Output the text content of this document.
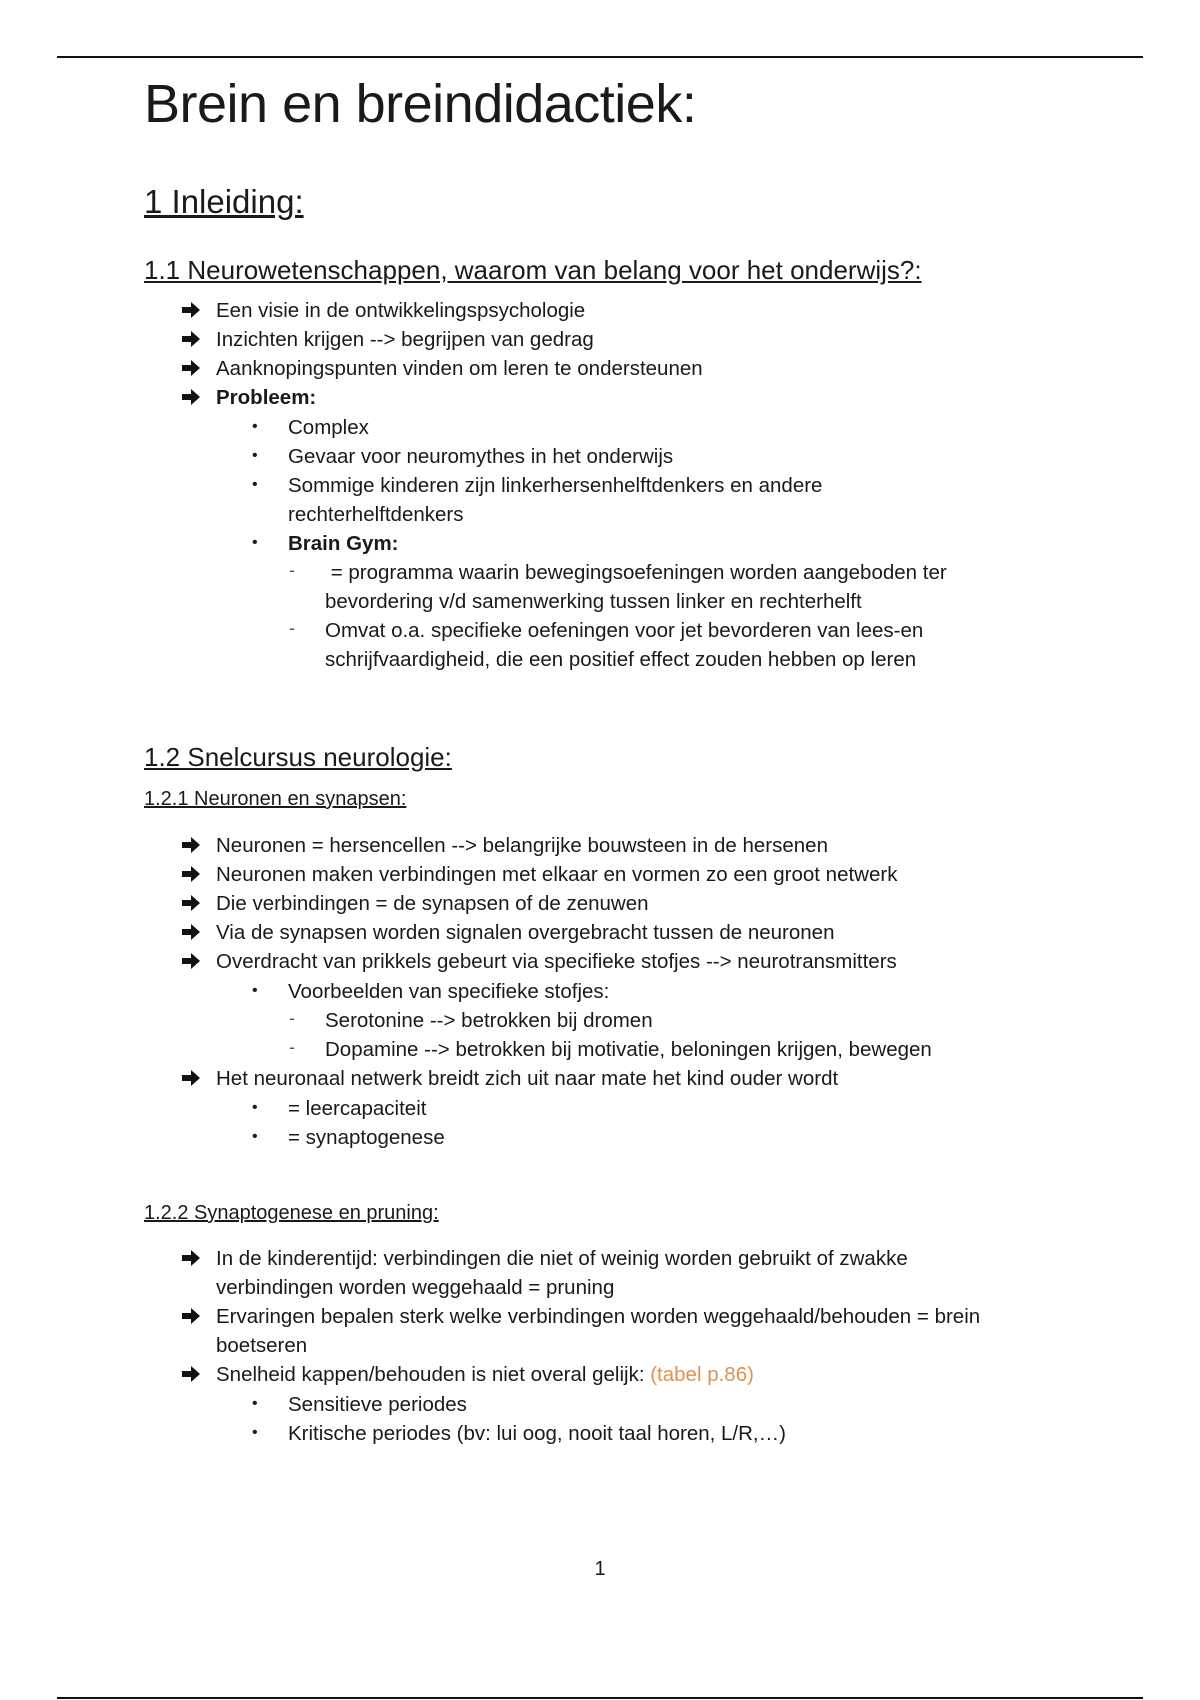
Brein en breindidactiek:
1 Inleiding:
1.1 Neurowetenschappen, waarom van belang voor het onderwijs?:
Een visie in de ontwikkelingspsychologie
Inzichten krijgen --> begrijpen van gedrag
Aanknopingspunten vinden om leren te ondersteunen
Probleem:
• Complex
• Gevaar voor neuromythes in het onderwijs
• Sommige kinderen zijn linkerhersenhelftdenkers en andere
rechterhelftdenkers
• Brain Gym:
- = programma waarin bewegingsoefeningen worden aangeboden ter
bevordering v/d samenwerking tussen linker en rechterhelft
- Omvat o.a. specifieke oefeningen voor jet bevorderen van lees-en
schrijfvaardigheid, die een positief effect zouden hebben op leren
1.2 Snelcursus neurologie:
1.2.1 Neuronen en synapsen:
Neuronen = hersencellen --> belangrijke bouwsteen in de hersenen
Neuronen maken verbindingen met elkaar en vormen zo een groot netwerk
Die verbindingen = de synapsen of de zenuwen
Via de synapsen worden signalen overgebracht tussen de neuronen
Overdracht van prikkels gebeurt via specifieke stofjes --> neurotransmitters
• Voorbeelden van specifieke stofjes:
- Serotonine --> betrokken bij dromen
- Dopamine --> betrokken bij motivatie, beloningen krijgen, bewegen
Het neuronaal netwerk breidt zich uit naar mate het kind ouder wordt
• = leercapaciteit
• = synaptogenese
1.2.2 Synaptogenese en pruning:
In de kinderentijd: verbindingen die niet of weinig worden gebruikt of zwakke
verbindingen worden weggehaald = pruning
Ervaringen bepalen sterk welke verbindingen worden weggehaald/behouden = brein
boetseren
Snelheid kappen/behouden is niet overal gelijk: (tabel p.86)
• Sensitieve periodes
• Kritische periodes (bv: lui oog, nooit taal horen, L/R,…)
1
